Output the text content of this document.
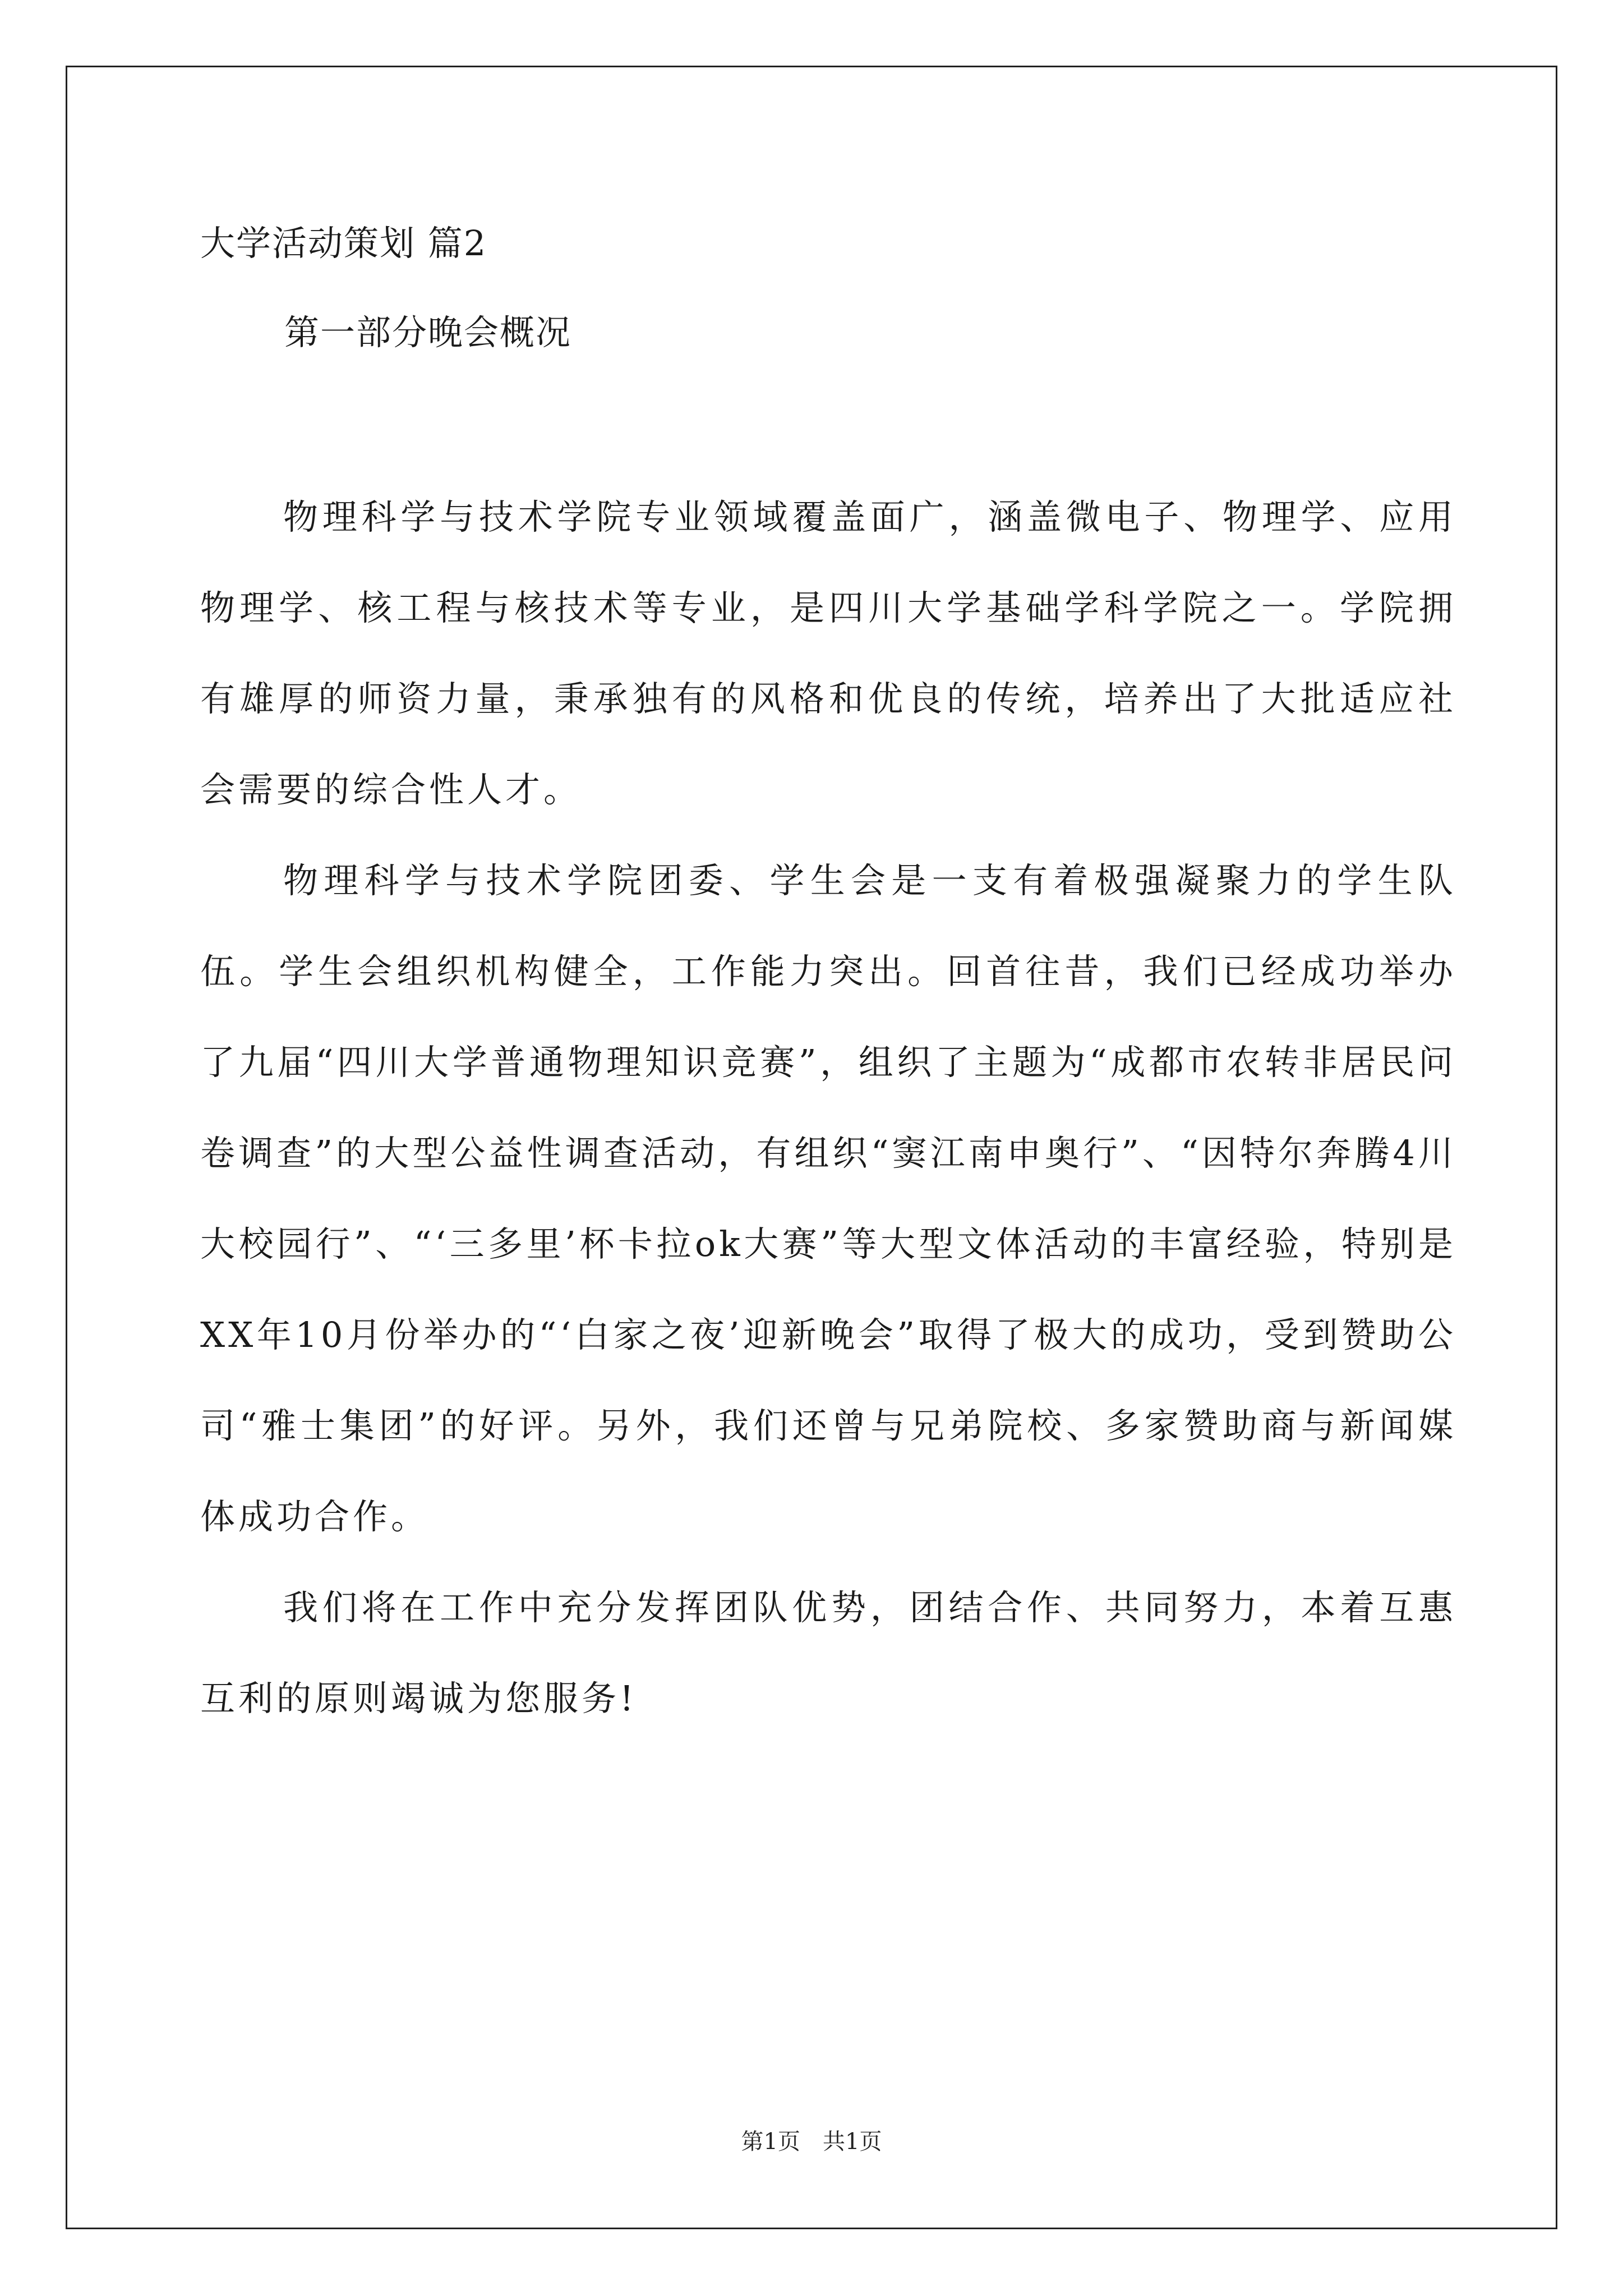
大学活动策划 篇2
第一部分晚会概况

物理科学与技术学院专业领域覆盖面广，涵盖微电子、物理学、应用物理学、核工程与核技术等专业，是四川大学基础学科学院之一。学院拥有雄厚的师资力量，秉承独有的风格和优良的传统，培养出了大批适应社会需要的综合性人才。

物理科学与技术学院团委、学生会是一支有着极强凝聚力的学生队伍。学生会组织机构健全，工作能力突出。回首往昔，我们已经成功举办了九届“四川大学普通物理知识竞赛”，组织了主题为“成都市农转非居民问卷调查”的大型公益性调查活动，有组织“窦江南申奥行”、“因特尔奔腾4川大校园行”、“‘三多里’杯卡拉ok大赛”等大型文体活动的丰富经验，特别是XX年10月份举办的“‘白家之夜’迎新晚会”取得了极大的成功，受到赞助公司“雅士集团”的好评。另外，我们还曾与兄弟院校、多家赞助商与新闻媒体成功合作。

我们将在工作中充分发挥团队优势，团结合作、共同努力，本着互惠互利的原则竭诚为您服务!

第1页　共1页
